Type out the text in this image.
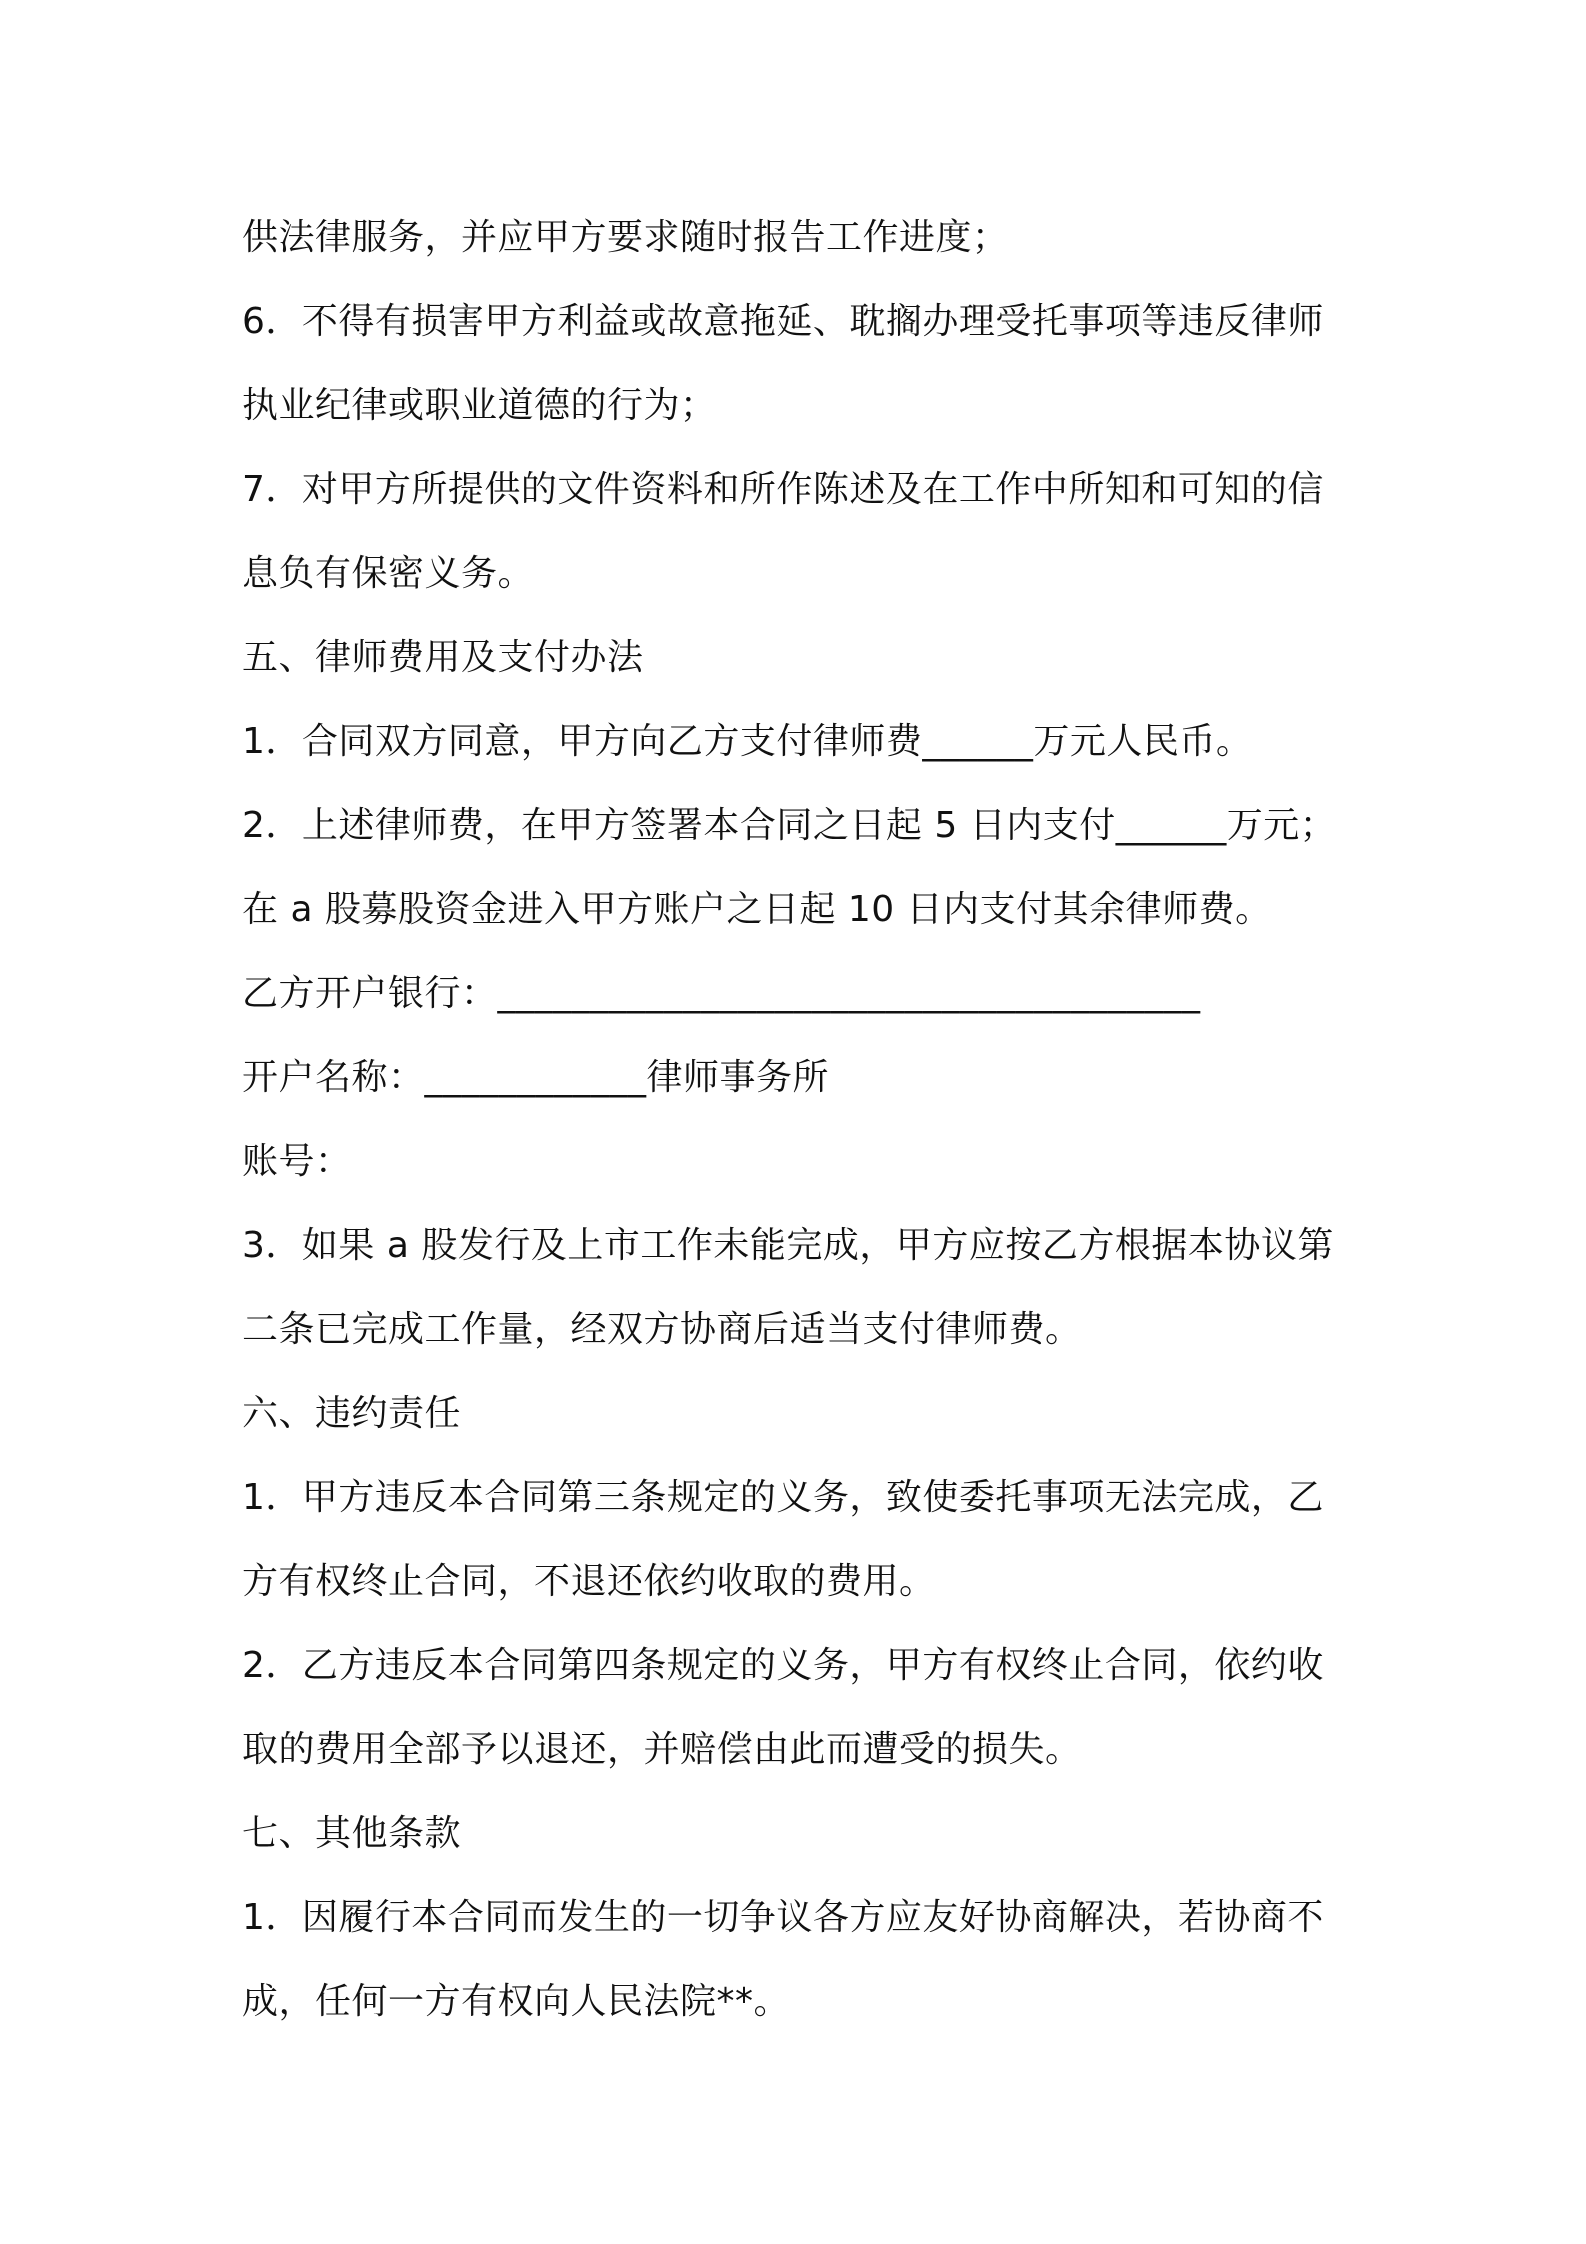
供法律服务，并应甲方要求随时报告工作进度；
6．不得有损害甲方利益或故意拖延、耽搁办理受托事项等违反律师
执业纪律或职业道德的行为；
7．对甲方所提供的文件资料和所作陈述及在工作中所知和可知的信
息负有保密义务。
五、律师费用及支付办法
1．合同双方同意，甲方向乙方支付律师费______万元人民币。
2．上述律师费，在甲方签署本合同之日起 5 日内支付______万元；
在 a 股募股资金进入甲方账户之日起 10 日内支付其余律师费。
乙方开户银行：______________________________________
开户名称：____________律师事务所
账号：
3．如果 a 股发行及上市工作未能完成，甲方应按乙方根据本协议第
二条已完成工作量，经双方协商后适当支付律师费。
六、违约责任
1．甲方违反本合同第三条规定的义务，致使委托事项无法完成，乙
方有权终止合同，不退还依约收取的费用。
2．乙方违反本合同第四条规定的义务，甲方有权终止合同，依约收
取的费用全部予以退还，并赔偿由此而遭受的损失。
七、其他条款
1．因履行本合同而发生的一切争议各方应友好协商解决，若协商不
成，任何一方有权向人民法院**。
